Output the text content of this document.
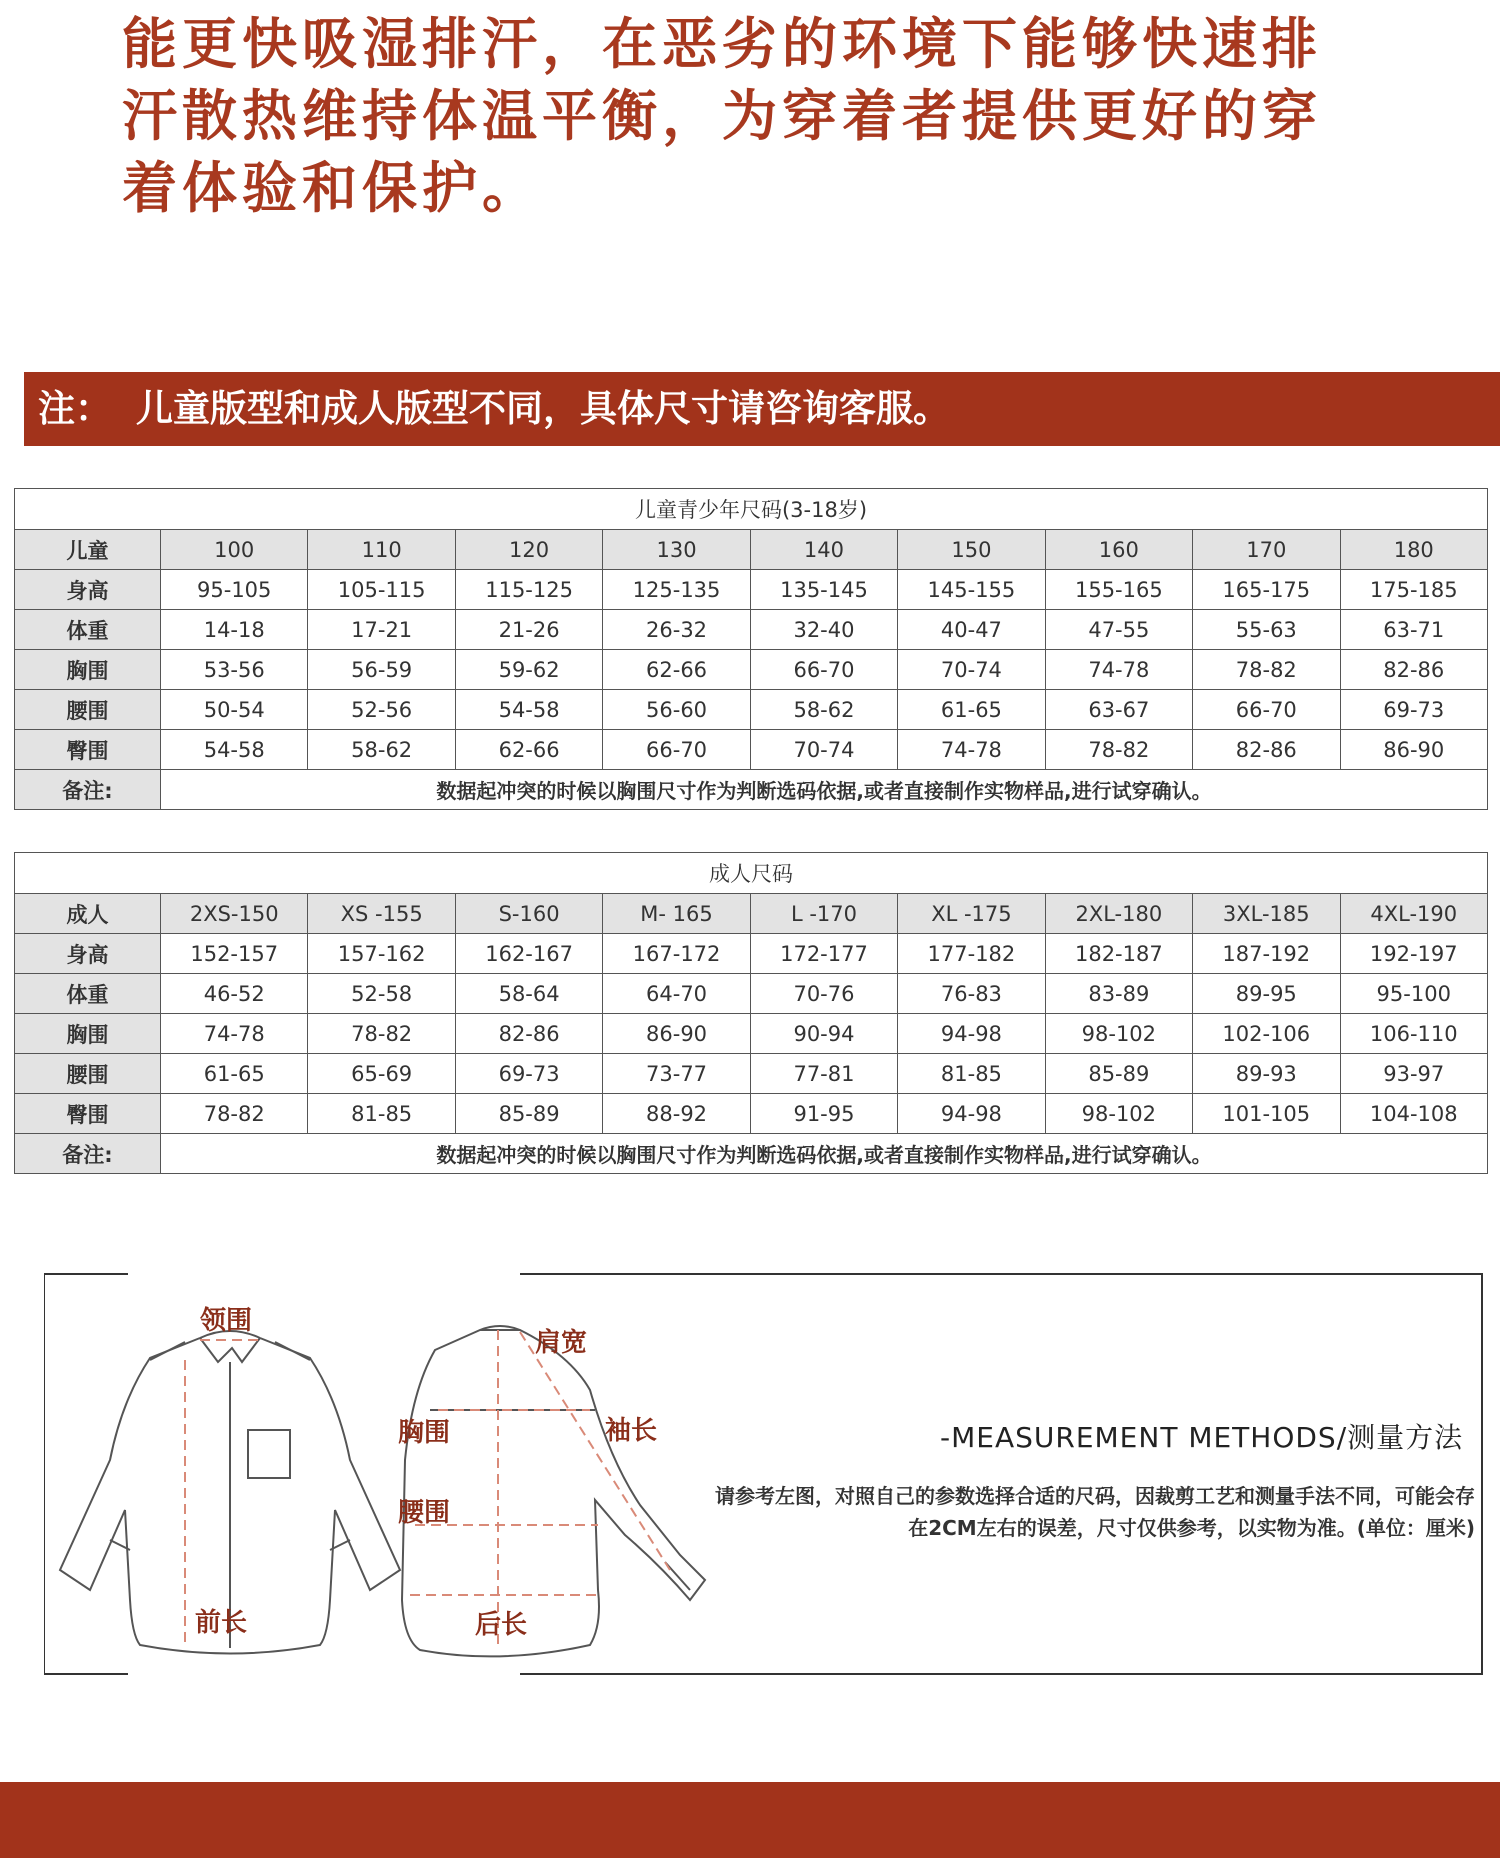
能更快吸湿排汗，在恶劣的环境下能够快速排
汗散热维持体温平衡，为穿着者提供更好的穿
着体验和保护。
注： 儿童版型和成人版型不同，具体尺寸请咨询客服。
儿童青少年尺码(3-18岁)									
儿童	100	110	120	130	140	150	160	170	180
身高	95-105	105-115	115-125	125-135	135-145	145-155	155-165	165-175	175-185
体重	14-18	17-21	21-26	26-32	32-40	40-47	47-55	55-63	63-71
胸围	53-56	56-59	59-62	62-66	66-70	70-74	74-78	78-82	82-86
腰围	50-54	52-56	54-58	56-60	58-62	61-65	63-67	66-70	69-73
臀围	54-58	58-62	62-66	66-70	70-74	74-78	78-82	82-86	86-90
备注:	数据起冲突的时候以胸围尺寸作为判断选码依据,或者直接制作实物样品,进行试穿确认。								
成人尺码									
成人	2XS-150	XS -155	S-160	M- 165	L -170	XL -175	2XL-180	3XL-185	4XL-190
身高	152-157	157-162	162-167	167-172	172-177	177-182	182-187	187-192	192-197
体重	46-52	52-58	58-64	64-70	70-76	76-83	83-89	89-95	95-100
胸围	74-78	78-82	82-86	86-90	90-94	94-98	98-102	102-106	106-110
腰围	61-65	65-69	69-73	73-77	77-81	81-85	85-89	89-93	93-97
臀围	78-82	81-85	85-89	88-92	91-95	94-98	98-102	101-105	104-108
备注:	数据起冲突的时候以胸围尺寸作为判断选码依据,或者直接制作实物样品,进行试穿确认。								
领围
肩宽
袖长
胸围
腰围
前长	后长
-MEASUREMENT METHODS/测量方法
请参考左图，对照自己的参数选择合适的尺码，因裁剪工艺和测量手法不同，可能会存在2CM左右的误差，尺寸仅供参考，以实物为准。(单位：厘米)
